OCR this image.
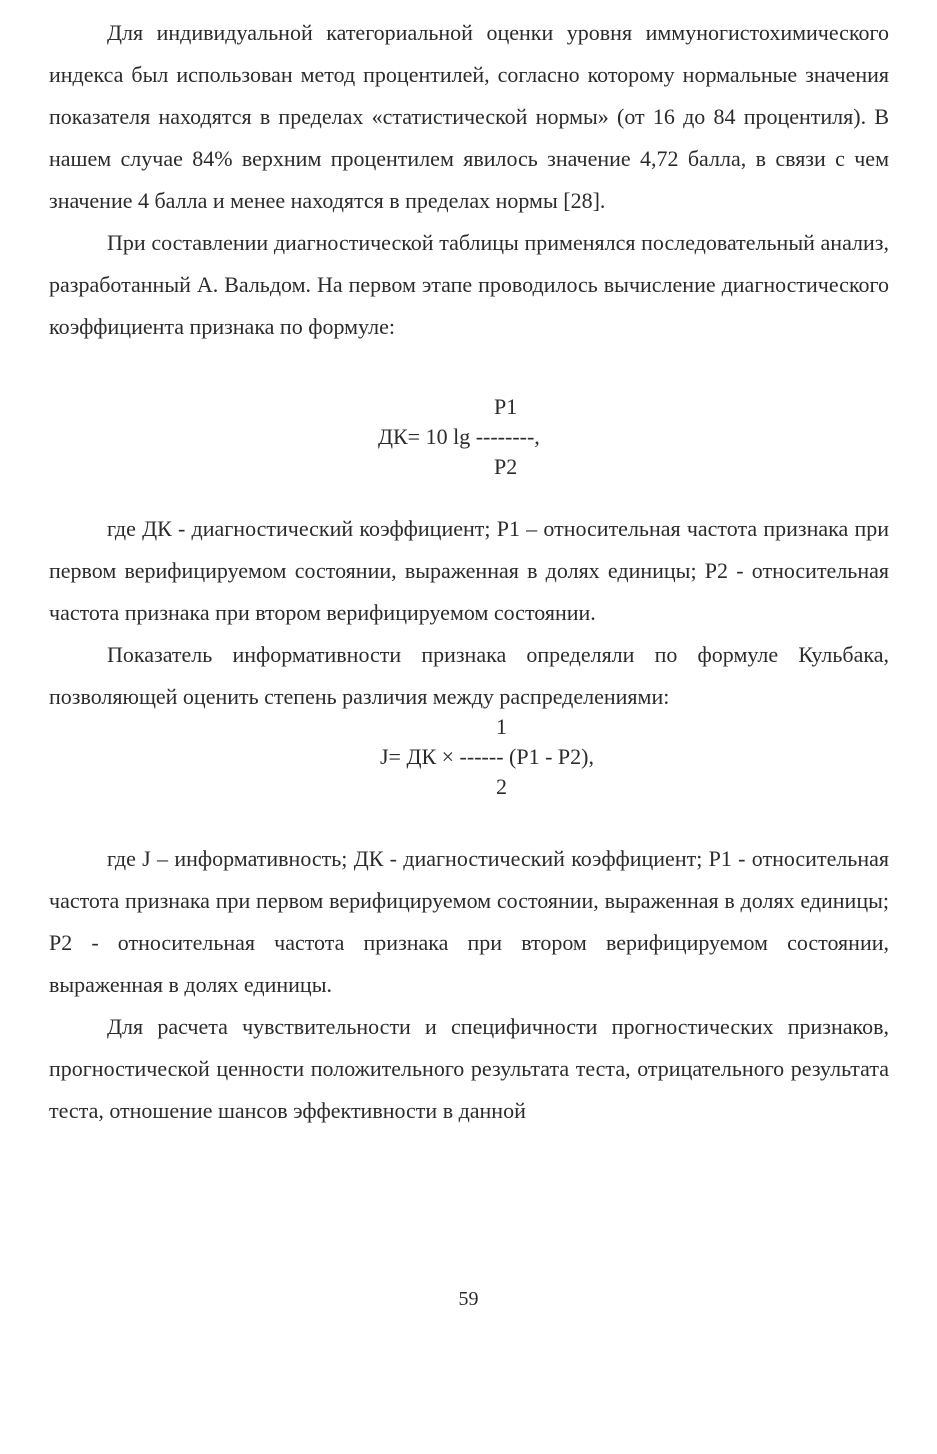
Для индивидуальной категориальной оценки уровня иммуногистохимического индекса был использован метод процентилей, согласно которому нормальные значения показателя находятся в пределах «статистической нормы» (от 16 до 84 процентиля). В нашем случае 84% верхним процентилем явилось значение 4,72 балла, в связи с чем значение 4 балла и менее находятся в пределах нормы [28].

При составлении диагностической таблицы применялся последовательный анализ, разработанный А. Вальдом. На первом этапе проводилось вычисление диагностического коэффициента признака по формуле:

Р1
ДК= 10 lg --------,
Р2

где ДК - диагностический коэффициент; Р1 – относительная частота признака при первом верифицируемом состоянии, выраженная в долях единицы; Р2 - относительная частота признака при втором верифицируемом состоянии.

Показатель информативности признака определяли по формуле Кульбака, позволяющей оценить степень различия между распределениями:

1
J= ДК × ------ (Р1 - Р2),
2

где J – информативность; ДК - диагностический коэффициент; Р1 - относительная частота признака при первом верифицируемом состоянии, выраженная в долях единицы; Р2 - относительная частота признака при втором верифицируемом состоянии, выраженная в долях единицы.

Для расчета чувствительности и специфичности прогностических признаков, прогностической ценности положительного результата теста, отрицательного результата теста, отношение шансов эффективности в данной

59
